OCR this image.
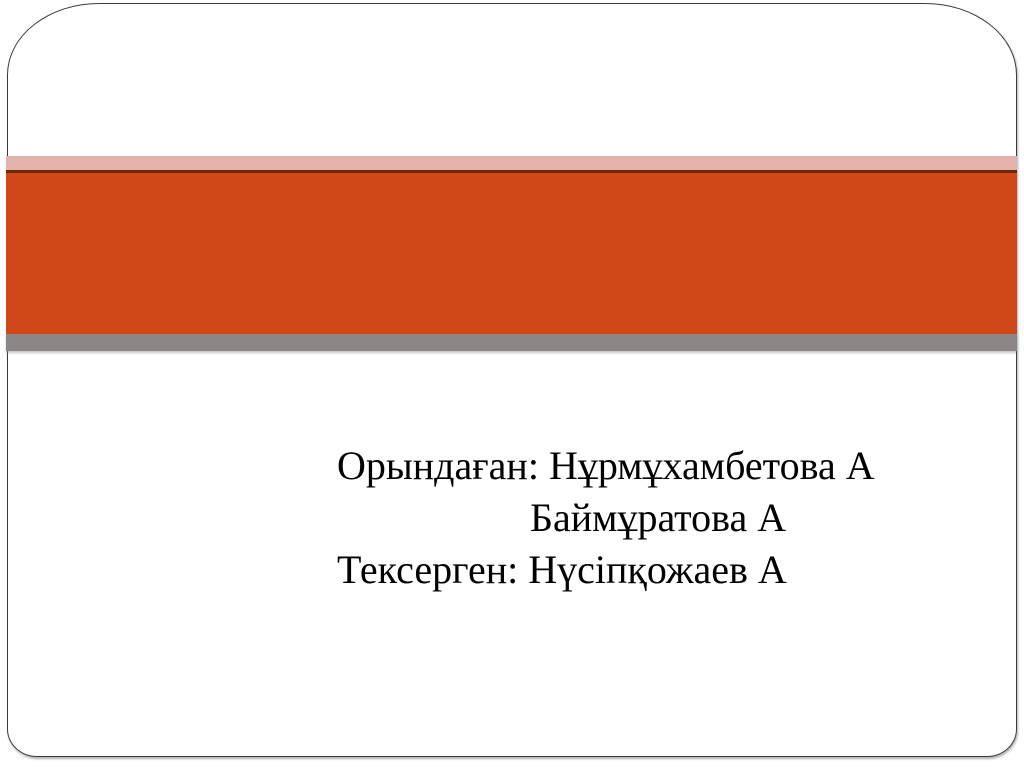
Орындаған: Нұрмұхамбетова А
Баймұратова А
Тексерген: Нүсіпқожаев А
